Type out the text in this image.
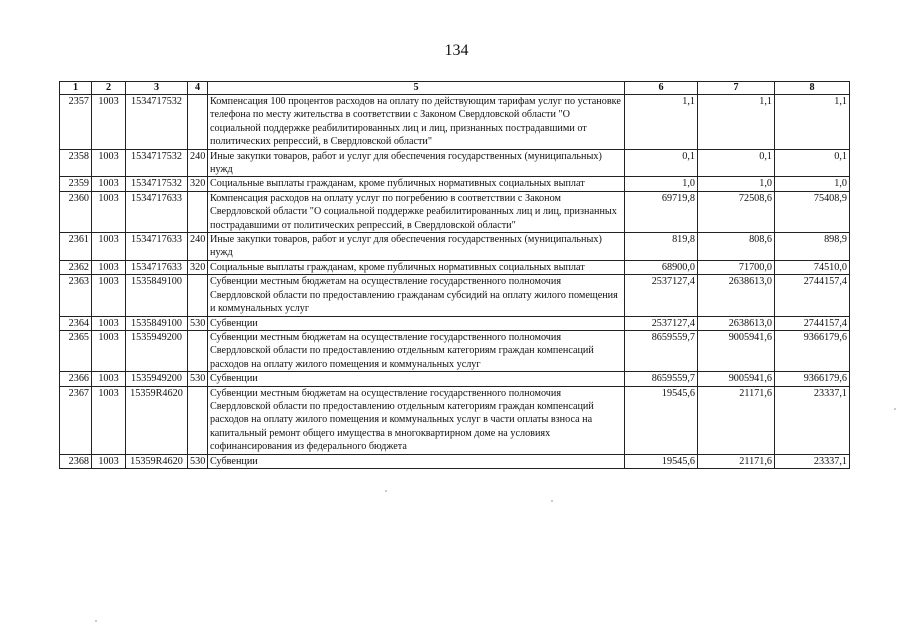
134
1	2	3	4	5	6	7	8
2357	1003	1534717532		Компенсация 100 процентов расходов на оплату по действующим тарифам услуг по установке телефона по месту жительства в соответствии с Законом Свердловской области "О социальной поддержке реабилитированных лиц и лиц, признанных пострадавшими от политических репрессий, в Свердловской области"	1,1	1,1	1,1
2358	1003	1534717532	240	Иные закупки товаров, работ и услуг для обеспечения государственных (муниципальных) нужд	0,1	0,1	0,1
2359	1003	1534717532	320	Социальные выплаты гражданам, кроме публичных нормативных социальных выплат	1,0	1,0	1,0
2360	1003	1534717633		Компенсация расходов на оплату услуг по погребению в соответствии с Законом Свердловской области "О социальной поддержке реабилитированных лиц и лиц, признанных пострадавшими от политических репрессий, в Свердловской области"	69719,8	72508,6	75408,9
2361	1003	1534717633	240	Иные закупки товаров, работ и услуг для обеспечения государственных (муниципальных) нужд	819,8	808,6	898,9
2362	1003	1534717633	320	Социальные выплаты гражданам, кроме публичных нормативных социальных выплат	68900,0	71700,0	74510,0
2363	1003	1535849100		Субвенции местным бюджетам на осуществление государственного полномочия Свердловской области по предоставлению гражданам субсидий на оплату жилого помещения и коммунальных услуг	2537127,4	2638613,0	2744157,4
2364	1003	1535849100	530	Субвенции	2537127,4	2638613,0	2744157,4
2365	1003	1535949200		Субвенции местным бюджетам на осуществление государственного полномочия Свердловской области по предоставлению отдельным категориям граждан компенсаций расходов на оплату жилого помещения и коммунальных услуг	8659559,7	9005941,6	9366179,6
2366	1003	1535949200	530	Субвенции	8659559,7	9005941,6	9366179,6
2367	1003	15359R4620		Субвенции местным бюджетам на осуществление государственного полномочия Свердловской области по предоставлению отдельным категориям граждан компенсаций расходов на оплату жилого помещения и коммунальных услуг в части оплаты взноса на капитальный ремонт общего имущества в многоквартирном доме на условиях софинансирования из федерального бюджета	19545,6	21171,6	23337,1
2368	1003	15359R4620	530	Субвенции	19545,6	21171,6	23337,1
